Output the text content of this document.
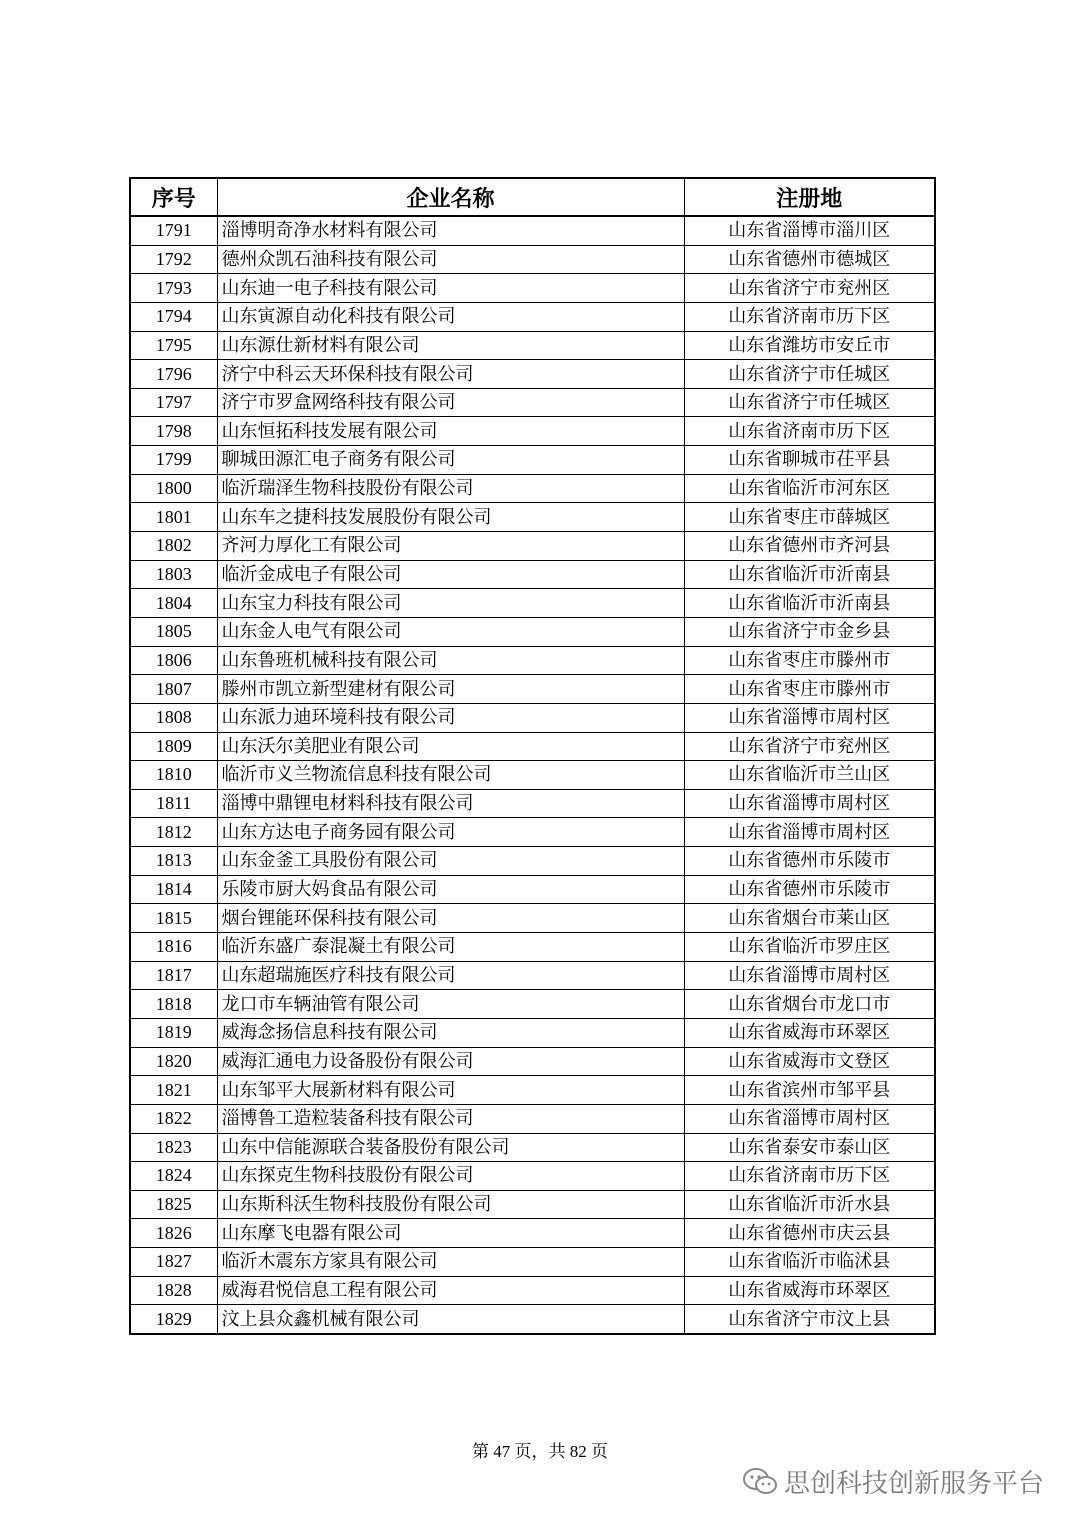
序号	企业名称	注册地
1791	淄博明奇净水材料有限公司	山东省淄博市淄川区
1792	德州众凯石油科技有限公司	山东省德州市德城区
1793	山东迪一电子科技有限公司	山东省济宁市兖州区
1794	山东寅源自动化科技有限公司	山东省济南市历下区
1795	山东源仕新材料有限公司	山东省潍坊市安丘市
1796	济宁中科云天环保科技有限公司	山东省济宁市任城区
1797	济宁市罗盒网络科技有限公司	山东省济宁市任城区
1798	山东恒拓科技发展有限公司	山东省济南市历下区
1799	聊城田源汇电子商务有限公司	山东省聊城市茌平县
1800	临沂瑞泽生物科技股份有限公司	山东省临沂市河东区
1801	山东车之捷科技发展股份有限公司	山东省枣庄市薛城区
1802	齐河力厚化工有限公司	山东省德州市齐河县
1803	临沂金成电子有限公司	山东省临沂市沂南县
1804	山东宝力科技有限公司	山东省临沂市沂南县
1805	山东金人电气有限公司	山东省济宁市金乡县
1806	山东鲁班机械科技有限公司	山东省枣庄市滕州市
1807	滕州市凯立新型建材有限公司	山东省枣庄市滕州市
1808	山东派力迪环境科技有限公司	山东省淄博市周村区
1809	山东沃尔美肥业有限公司	山东省济宁市兖州区
1810	临沂市义兰物流信息科技有限公司	山东省临沂市兰山区
1811	淄博中鼎锂电材料科技有限公司	山东省淄博市周村区
1812	山东方达电子商务园有限公司	山东省淄博市周村区
1813	山东金釜工具股份有限公司	山东省德州市乐陵市
1814	乐陵市厨大妈食品有限公司	山东省德州市乐陵市
1815	烟台锂能环保科技有限公司	山东省烟台市莱山区
1816	临沂东盛广泰混凝土有限公司	山东省临沂市罗庄区
1817	山东超瑞施医疗科技有限公司	山东省淄博市周村区
1818	龙口市车辆油管有限公司	山东省烟台市龙口市
1819	威海念扬信息科技有限公司	山东省威海市环翠区
1820	威海汇通电力设备股份有限公司	山东省威海市文登区
1821	山东邹平大展新材料有限公司	山东省滨州市邹平县
1822	淄博鲁工造粒装备科技有限公司	山东省淄博市周村区
1823	山东中信能源联合装备股份有限公司	山东省泰安市泰山区
1824	山东探克生物科技股份有限公司	山东省济南市历下区
1825	山东斯科沃生物科技股份有限公司	山东省临沂市沂水县
1826	山东摩飞电器有限公司	山东省德州市庆云县
1827	临沂木震东方家具有限公司	山东省临沂市临沭县
1828	威海君悦信息工程有限公司	山东省威海市环翠区
1829	汶上县众鑫机械有限公司	山东省济宁市汶上县
第 47 页，共 82 页
思创科技创新服务平台
